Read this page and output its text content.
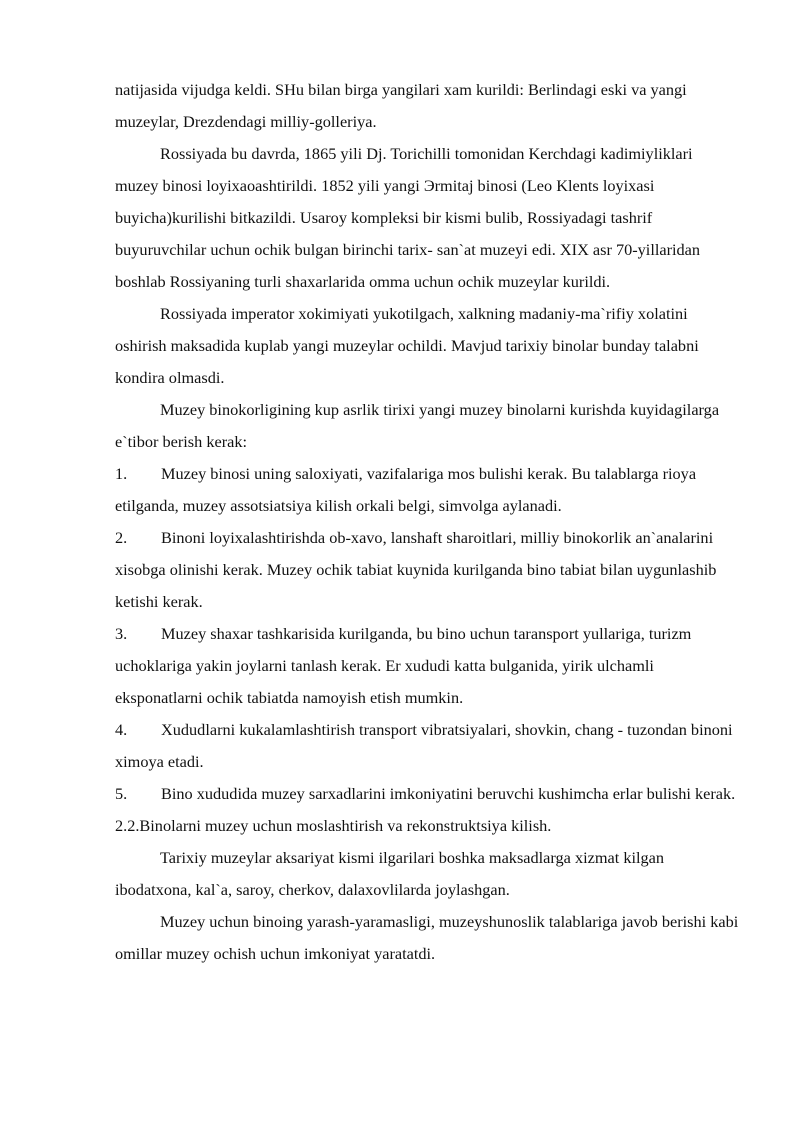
natijasida vijudga keldi. SHu bilan birga yangilari xam kurildi: Berlindagi eski va yangi muzeylar, Drezdendagi milliy-golleriya.

Rossiyada bu davrda, 1865 yili Dj. Torichilli tomonidan Kerchdagi kadimiyliklari muzey binosi loyixaoashtirildi. 1852 yili yangi Эrmitaj binosi (Leo Klents loyixasi buyicha)kurilishi bitkazildi. Usaroy kompleksi bir kismi bulib, Rossiyadagi tashrif buyuruvchilar uchun ochik bulgan birinchi tarix- san`at muzeyi edi. XIX asr 70-yillaridan boshlab Rossiyaning turli shaxarlarida omma uchun ochik muzeylar kurildi.

Rossiyada imperator xokimiyati yukotilgach, xalkning madaniy-ma`rifiy xolatini oshirish maksadida kuplab yangi muzeylar ochildi. Mavjud tarixiy binolar bunday talabni kondira olmasdi.

Muzey binokorligining kup asrlik tirixi yangi muzey binolarni kurishda kuyidagilarga e`tibor berish kerak:

1. Muzey binosi uning saloxiyati, vazifalariga mos bulishi kerak. Bu talablarga rioya etilganda, muzey assotsiatsiya kilish orkali belgi, simvolga aylanadi.

2. Binoni loyixalashtirishda ob-xavo, lanshaft sharoitlari, milliy binokorlik an`analarini xisobga olinishi kerak. Muzey ochik tabiat kuynida kurilganda bino tabiat bilan uygunlashib ketishi kerak.

3. Muzey shaxar tashkarisida kurilganda, bu bino uchun taransport yullariga, turizm uchoklariga yakin joylarni tanlash kerak. Er xududi katta bulganida, yirik ulchamli eksponatlarni ochik tabiatda namoyish etish mumkin.

4. Xududlarni kukalamlashtirish transport vibratsiyalari, shovkin, chang - tuzondan binoni ximoya etadi.

5. Bino xududida muzey sarxadlarini imkoniyatini beruvchi kushimcha erlar bulishi kerak.

2.2.Binolarni muzey uchun moslashtirish va rekonstruktsiya kilish.

Tarixiy muzeylar aksariyat kismi ilgarilari boshka maksadlarga xizmat kilgan ibodatxona, kal`a, saroy, cherkov, dalaxovlilarda joylashgan.

Muzey uchun binoing yarash-yaramasligi, muzeyshunoslik talablariga javob berishi kabi omillar muzey ochish uchun imkoniyat yaratatdi.
